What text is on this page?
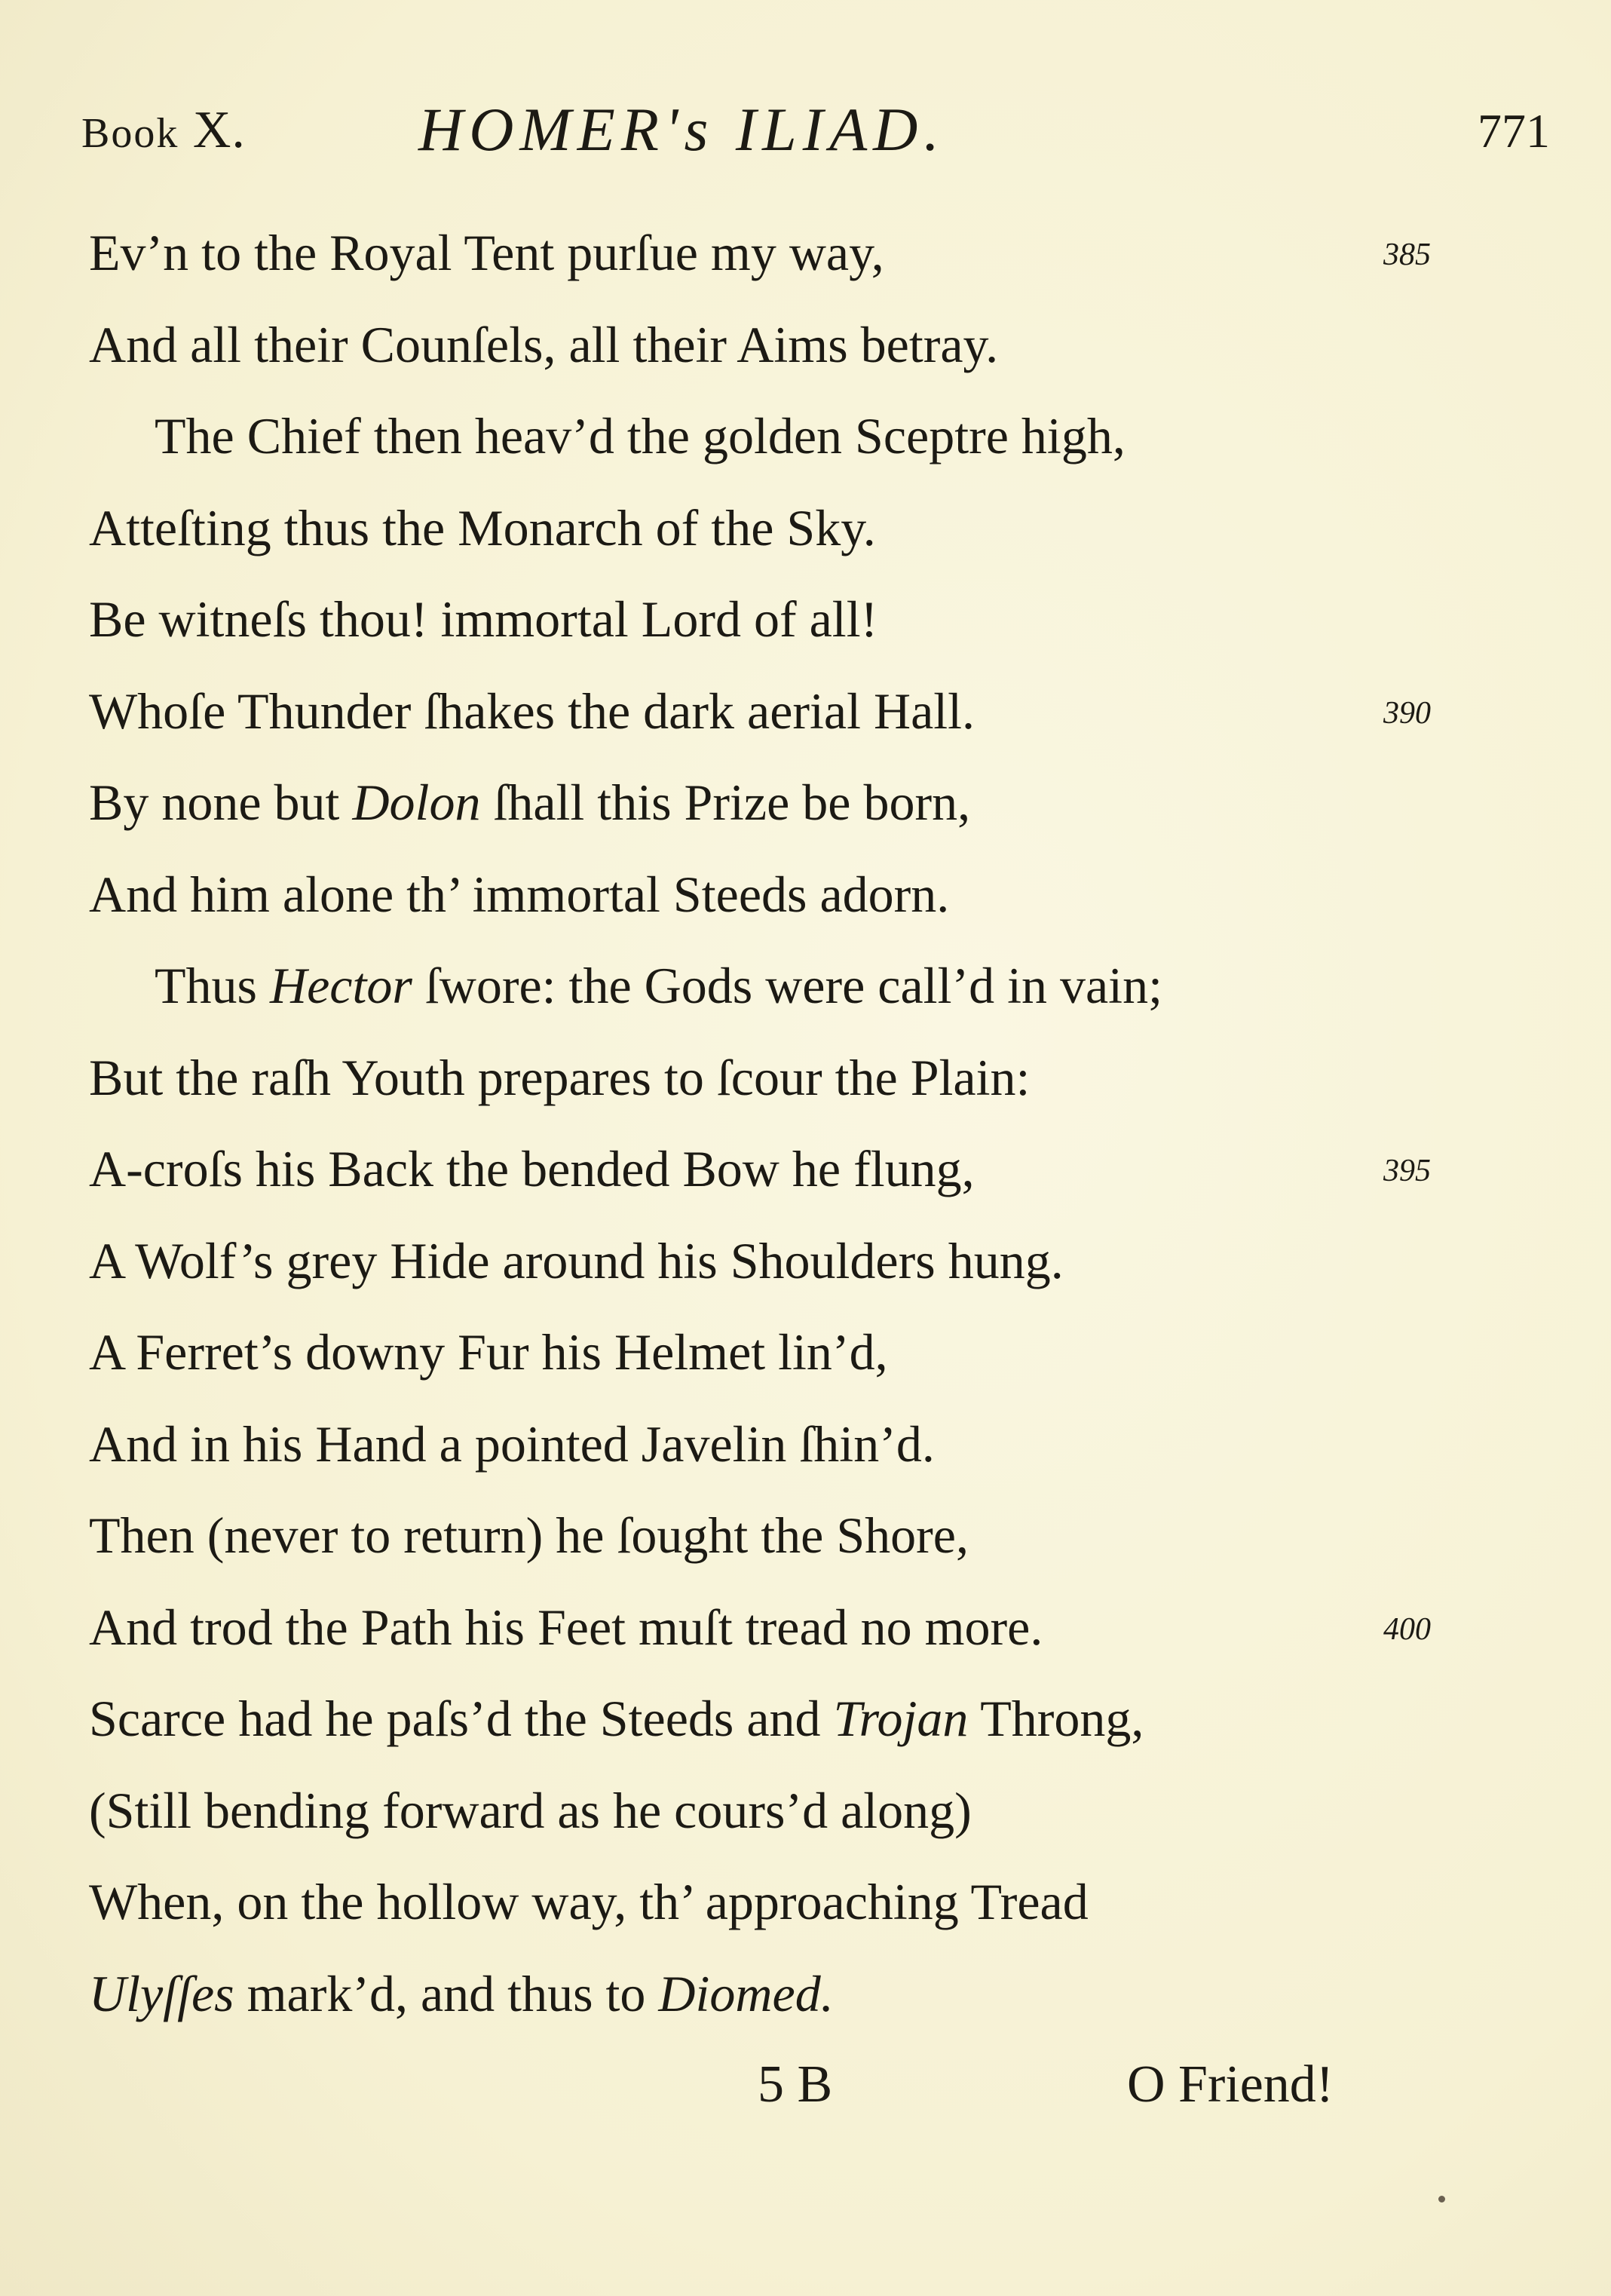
Book X.	HOMER's ILIAD.	771
Ev’n to the Royal Tent purſue my way,	385
And all their Counſels, all their Aims betray.
The Chief then heav’d the golden Sceptre high,
Atteſting thus the Monarch of the Sky.
Be witneſs thou! immortal Lord of all!
Whoſe Thunder ſhakes the dark aerial Hall.	390
By none but Dolon ſhall this Prize be born,
And him alone th’ immortal Steeds adorn.
Thus Hector ſwore: the Gods were call’d in vain;
But the raſh Youth prepares to ſcour the Plain:
A-croſs his Back the bended Bow he flung,	395
A Wolf’s grey Hide around his Shoulders hung.
A Ferret’s downy Fur his Helmet lin’d,
And in his Hand a pointed Javelin ſhin’d.
Then (never to return) he ſought the Shore,
And trod the Path his Feet muſt tread no more.	400
Scarce had he paſs’d the Steeds and Trojan Throng,
(Still bending forward as he cours’d along)
When, on the hollow way, th’ approaching Tread
Ulyſſes mark’d, and thus to Diomed.
5 B	O Friend!
